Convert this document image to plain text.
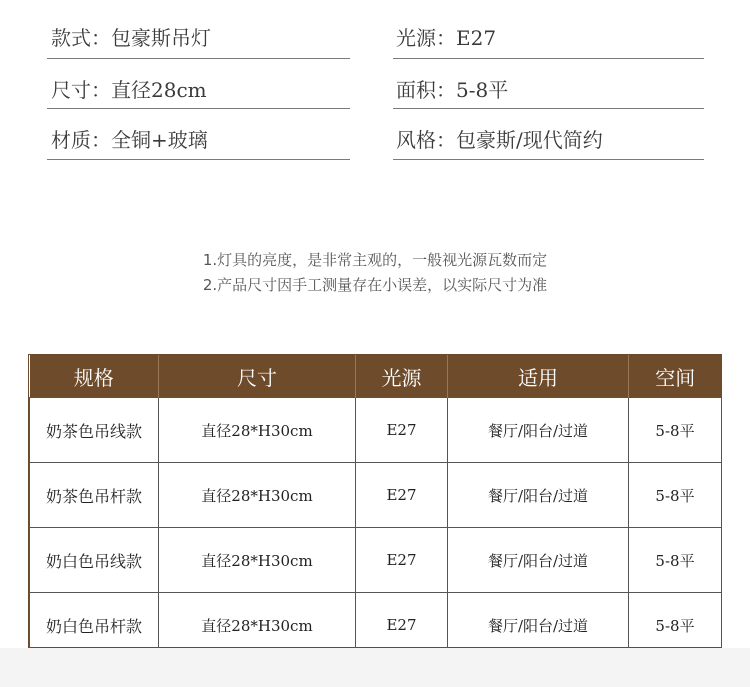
款式：包豪斯吊灯	光源：E27
尺寸：直径28cm	面积：5-8平
材质：全铜+玻璃	风格：包豪斯/现代简约
1.灯具的亮度，是非常主观的，一般视光源瓦数而定
2.产品尺寸因手工测量存在小误差，以实际尺寸为准
规格	尺寸	光源	适用	空间
奶茶色吊线款	直径28*H30cm	E27	餐厅/阳台/过道	5-8平
奶茶色吊杆款	直径28*H30cm	E27	餐厅/阳台/过道	5-8平
奶白色吊线款	直径28*H30cm	E27	餐厅/阳台/过道	5-8平
奶白色吊杆款	直径28*H30cm	E27	餐厅/阳台/过道	5-8平
